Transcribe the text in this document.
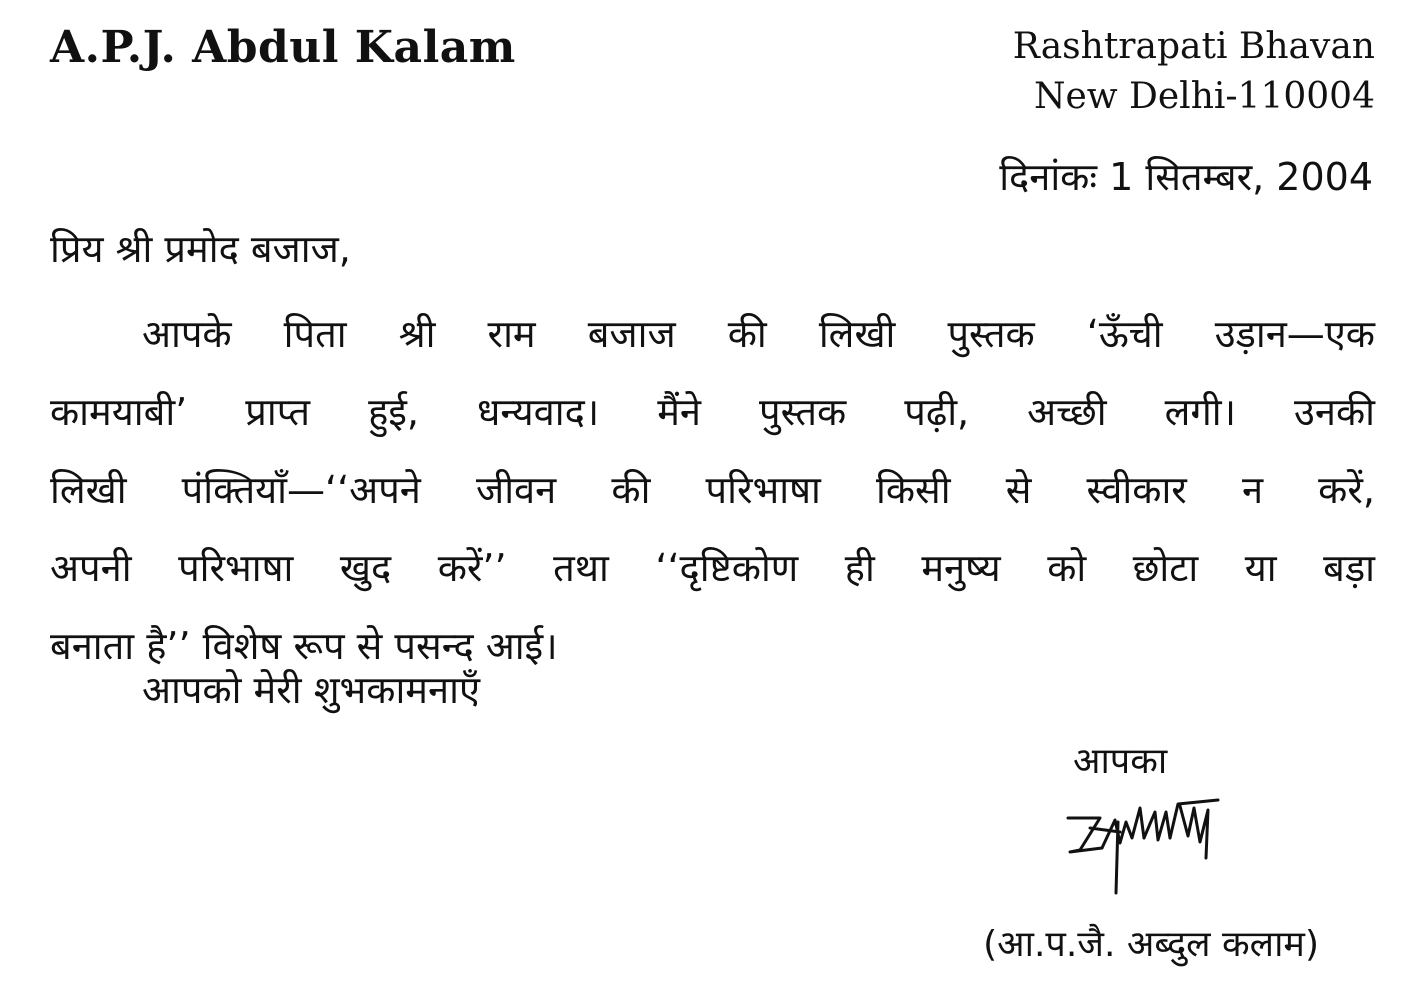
A.P.J. Abdul Kalam	Rashtrapati Bhavan
New Delhi-110004
दिनांकः 1 सितम्बर, 2004
प्रिय श्री प्रमोद बजाज,
आपके पिता श्री राम बजाज की लिखी पुस्तक ‘ऊँची उड़ान—एक
कामयाबी’ प्राप्त हुई, धन्यवाद। मैंने पुस्तक पढ़ी, अच्छी लगी। उनकी
लिखी पंक्तियाँ—‘‘अपने जीवन की परिभाषा किसी से स्वीकार न करें,
अपनी परिभाषा खुद करें’’ तथा ‘‘दृष्टिकोण ही मनुष्य को छोटा या बड़ा
बनाता है’’ विशेष रूप से पसन्द आई।
आपको मेरी शुभकामनाएँ
आपका
(आ.प.जै. अब्दुल कलाम)
